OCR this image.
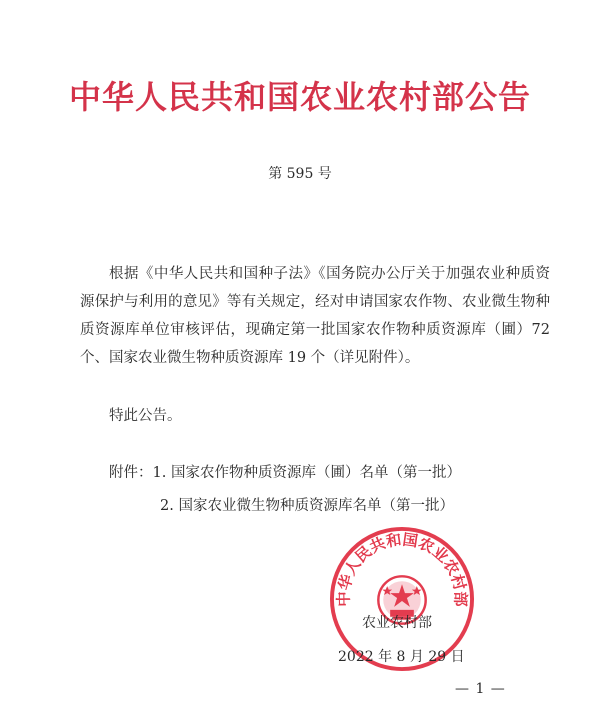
中华人民共和国农业农村部公告
第 595 号

根据《中华人民共和国种子法》《国务院办公厅关于加强农业种质资源保护与利用的意见》等有关规定，经对申请国家农作物、农业微生物种质资源库单位审核评估，现确定第一批国家农作物种质资源库（圃）72 个、国家农业微生物种质资源库 19 个（详见附件）。

特此公告。
附件：1. 国家农作物种质资源库（圃）名单（第一批）
2. 国家农业微生物种质资源库名单（第一批）
中华人民共和国农业农村部
农业农村部
2022 年 8 月 29 日
— 1 —
